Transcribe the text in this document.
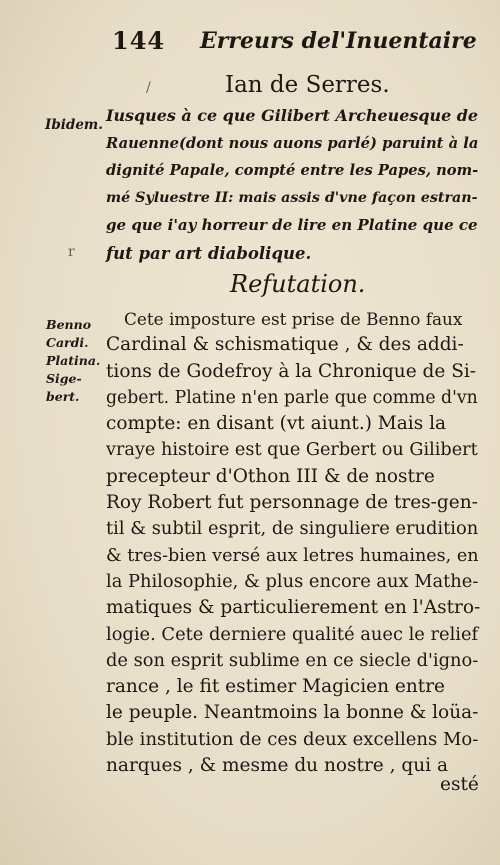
144 Erreurs del'Inuentaire
/	Ian de Serres.
Ibidem. Iusques à ce que Gilibert Archeuesque de
Rauenne(dont nous auons parlé) paruint à la
dignité Papale, compté entre les Papes, nom-
mé Syluestre II: mais assis d'vne façon estran-
ge que i'ay horreur de lire en Platine que ce
fut par art diabolique.
r
Refutation.
Benno
Cardi.
Platina.
Sige-
bert.
Cete imposture est prise de Benno faux
Cardinal & schismatique , & des addi-
tions de Godefroy à la Chronique de Si-
gebert. Platine n'en parle que comme d'vn
compte: en disant (vt aiunt.) Mais la
vraye histoire est que Gerbert ou Gilibert
precepteur d'Othon III & de nostre
Roy Robert fut personnage de tres-gen-
til & subtil esprit, de singuliere erudition
& tres-bien versé aux letres humaines, en
la Philosophie, & plus encore aux Mathe-
matiques & particulierement en l'Astro-
logie. Cete derniere qualité auec le relief
de son esprit sublime en ce siecle d'igno-
rance , le fit estimer Magicien entre
le peuple. Neantmoins la bonne & loüa-
ble institution de ces deux excellens Mo-
narques , & mesme du nostre , qui a
esté
